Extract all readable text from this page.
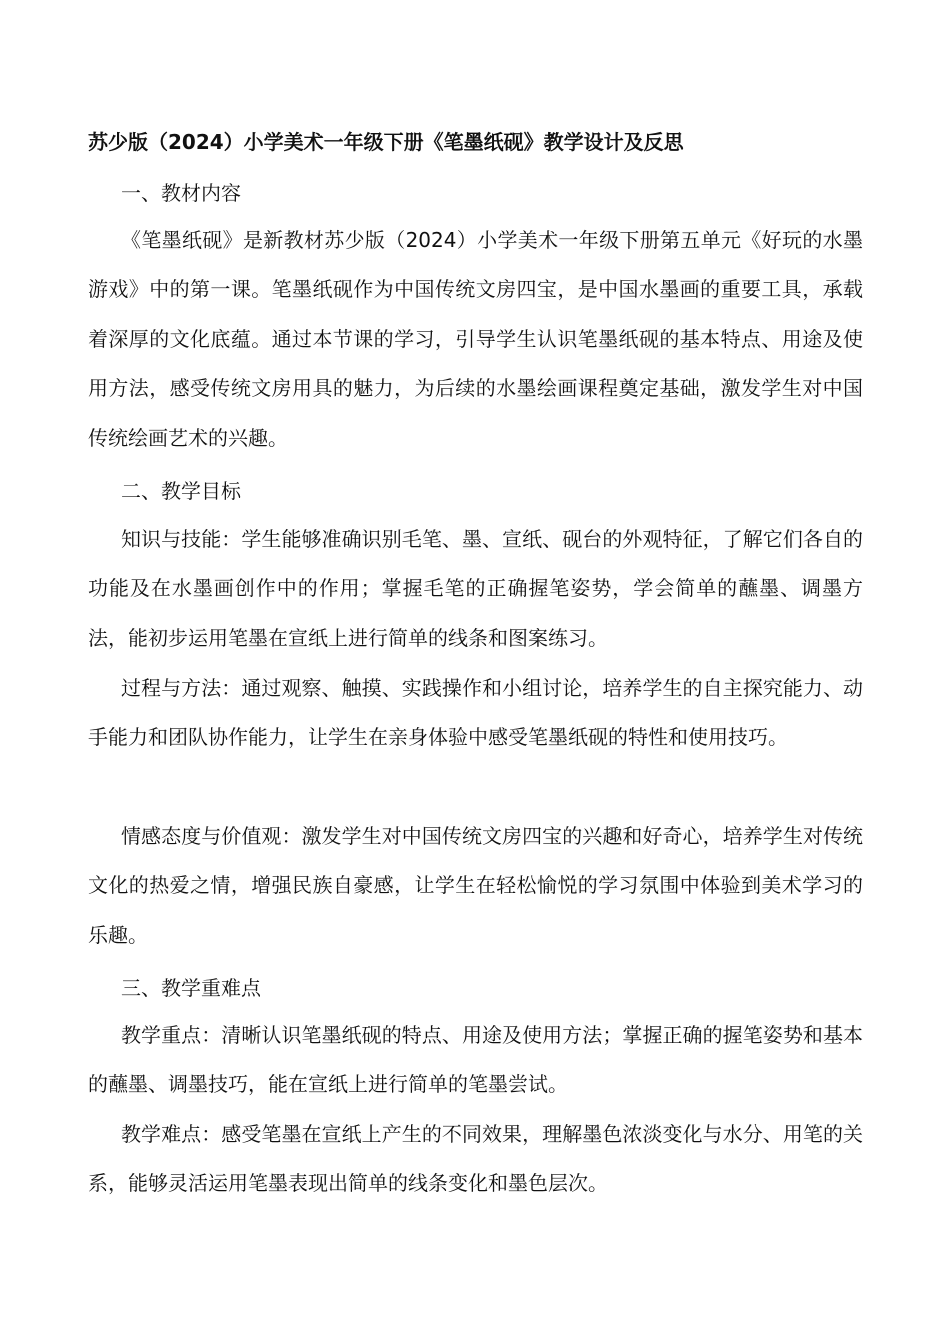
苏少版（2024）小学美术一年级下册《笔墨纸砚》教学设计及反思
一、教材内容

《笔墨纸砚》是新教材苏少版（2024）小学美术一年级下册第五单元《好玩的水墨游戏》中的第一课。笔墨纸砚作为中国传统文房四宝，是中国水墨画的重要工具，承载着深厚的文化底蕴。通过本节课的学习，引导学生认识笔墨纸砚的基本特点、用途及使用方法，感受传统文房用具的魅力，为后续的水墨绘画课程奠定基础，激发学生对中国传统绘画艺术的兴趣。

二、教学目标

知识与技能：学生能够准确识别毛笔、墨、宣纸、砚台的外观特征，了解它们各自的功能及在水墨画创作中的作用；掌握毛笔的正确握笔姿势，学会简单的蘸墨、调墨方法，能初步运用笔墨在宣纸上进行简单的线条和图案练习。

过程与方法：通过观察、触摸、实践操作和小组讨论，培养学生的自主探究能力、动手能力和团队协作能力，让学生在亲身体验中感受笔墨纸砚的特性和使用技巧。

情感态度与价值观：激发学生对中国传统文房四宝的兴趣和好奇心，培养学生对传统文化的热爱之情，增强民族自豪感，让学生在轻松愉悦的学习氛围中体验到美术学习的乐趣。

三、教学重难点

教学重点：清晰认识笔墨纸砚的特点、用途及使用方法；掌握正确的握笔姿势和基本的蘸墨、调墨技巧，能在宣纸上进行简单的笔墨尝试。

教学难点：感受笔墨在宣纸上产生的不同效果，理解墨色浓淡变化与水分、用笔的关系，能够灵活运用笔墨表现出简单的线条变化和墨色层次。
